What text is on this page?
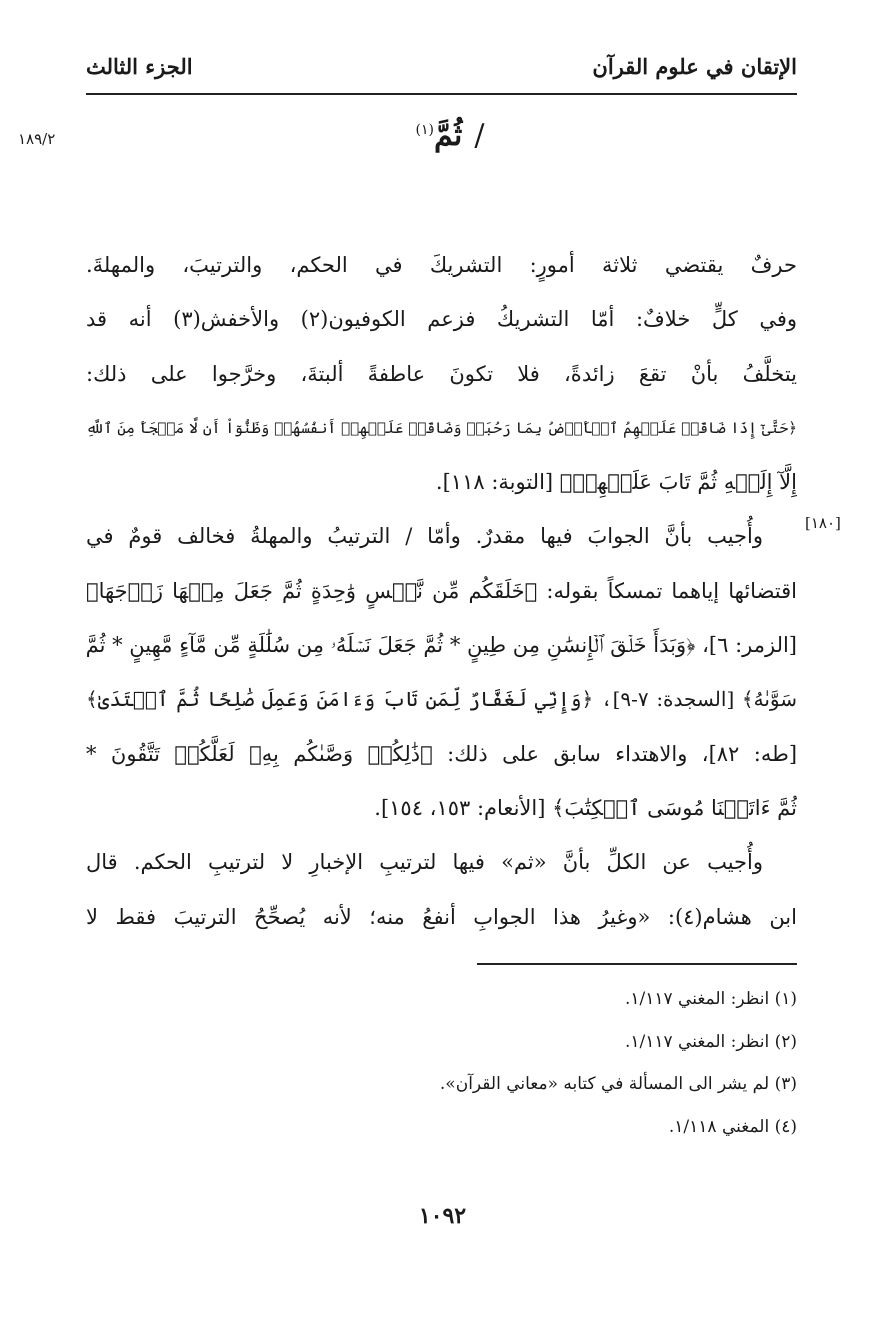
الإتقان في علوم القرآن
الجزء الثالث
١٨٩/٢
[١٨٠]
/ثُمَّ$^{(١)}$
حرفٌ يقتضي ثلاثة أمورٍ: التشريكَ في الحكم، والترتيبَ، والمهلةَ.
وفي كلٍّ خلافٌ: أمّا التشريكُ فزعم الكوفيون(٢) والأخفش(٣) أنه قد
يتخلَّفُ بأنْ تقعَ زائدةً، فلا تكونَ عاطفةً ألبتةَ، وخرَّجوا على ذلك:
﴿حَتَّىٰٓ إِذَا ضَاقَتۡ عَلَيۡهِمُ ٱلۡأَرۡضُ بِمَا رَحُبَتۡ وَضَاقَتۡ عَلَيۡهِمۡ أَنفُسُهُمۡ وَظَنُّوٓاْ أَن لَّا مَلۡجَأَ مِنَ ٱللَّهِ
إِلَّآ إِلَيۡهِ ثُمَّ تَابَ عَلَيۡهِمۡ﴾ [التوبة: ١١٨].
وأُجيب بأنَّ الجوابَ فيها مقدرٌ. وأمّا / الترتيبُ والمهلةُ فخالف قومٌ في
اقتضائها إياهما تمسكاً بقوله: ﴿خَلَقَكُم مِّن نَّفۡسٍ وَٰحِدَةٍ ثُمَّ جَعَلَ مِنۡهَا زَوۡجَهَا﴾
[الزمر: ٦]، ﴿وَبَدَأَ خَلۡقَ ٱلۡإِنسَٰنِ مِن طِينٍ * ثُمَّ جَعَلَ نَسۡلَهُۥ مِن سُلَٰلَةٍ مِّن مَّآءٍ مَّهِينٍ * ثُمَّ
سَوَّىٰهُ﴾ [السجدة: ٧-٩]، ﴿وَإِنِّي لَغَفَّارٌ لِّمَن تَابَ وَءَامَنَ وَعَمِلَ صَٰلِحًا ثُمَّ ٱهۡتَدَىٰ﴾
[طه: ٨٢]، والاهتداء سابق على ذلك: ﴿ذَٰلِكُمۡ وَصَّىٰكُم بِهِۦ لَعَلَّكُمۡ تَتَّقُونَ *
ثُمَّ ءَاتَيۡنَا مُوسَى ٱلۡكِتَٰبَ﴾ [الأنعام: ١٥٣، ١٥٤].
وأُجيب عن الكلِّ بأنَّ «ثم» فيها لترتيبِ الإخبارِ لا لترتيبِ الحكم. قال
ابن هشام(٤): «وغيرُ هذا الجوابِ أنفعُ منه؛ لأنه يُصحِّحُ الترتيبَ فقط لا
(١) انظر: المغني ١/١١٧.
(٢) انظر: المغني ١/١١٧.
(٣) لم يشر الى المسألة في كتابه «معاني القرآن».
(٤) المغني ١/١١٨.
١٠٩٢
